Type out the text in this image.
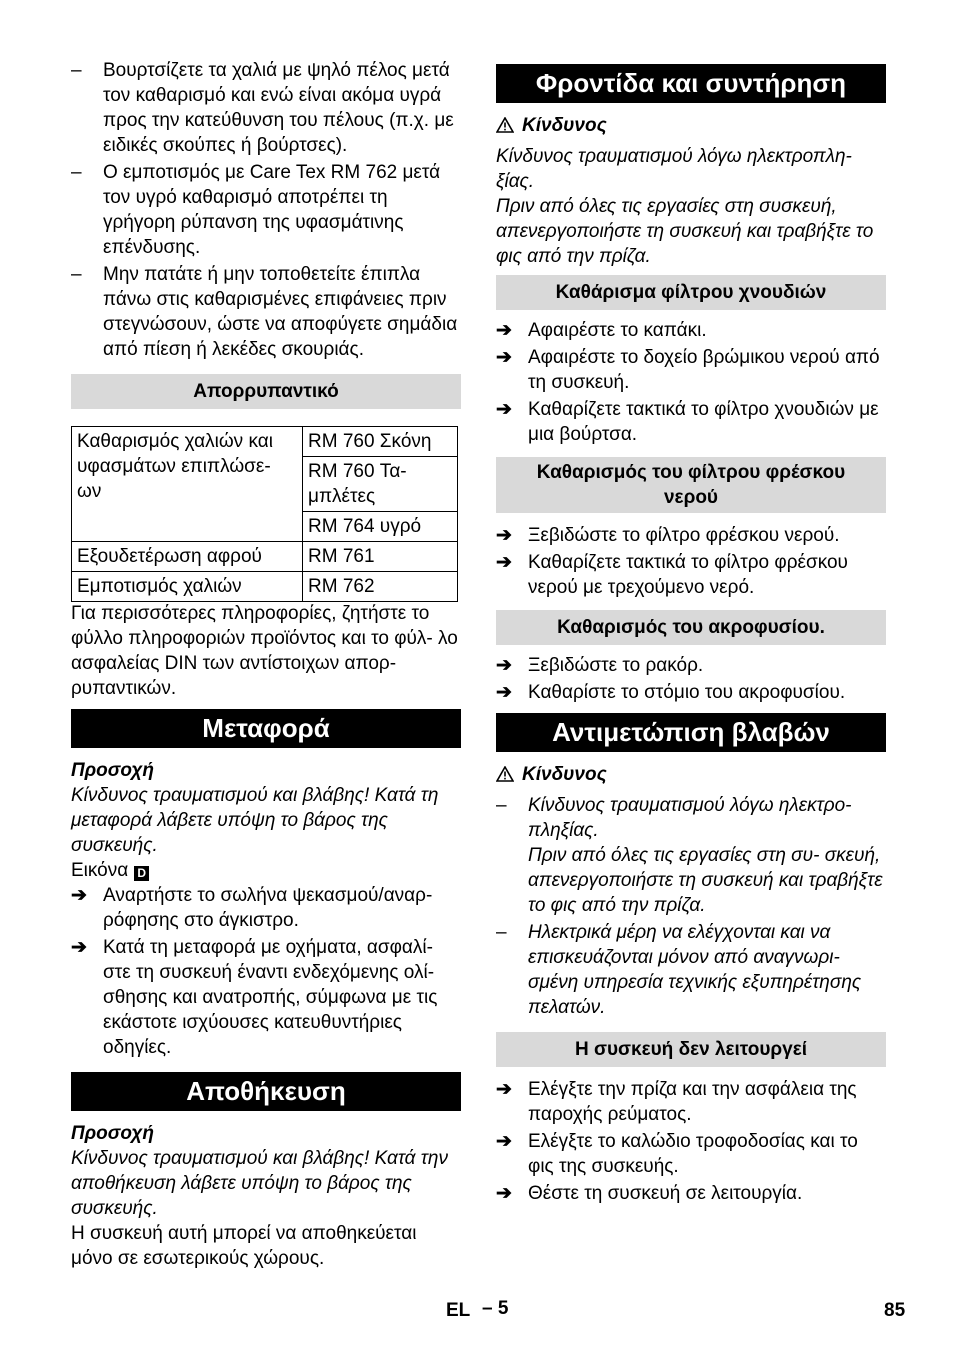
–	Βουρτσίζετε τα χαλιά με ψηλό πέλος μετά τον καθαρισμό και ενώ είναι ακόμα υγρά προς την κατεύθυνση του πέλους (π.χ. με ειδικές σκούπες ή βούρτσες).
–	Ο εμποτισμός με Care Tex RM 762 μετά τον υγρό καθαρισμό αποτρέπει τη γρήγορη ρύπανση της υφασμάτινης επένδυσης.
–	Μην πατάτε ή μην τοποθετείτε έπιπλα πάνω στις καθαρισμένες επιφάνειες πριν στεγνώσουν, ώστε να αποφύγετε σημάδια από πίεση ή λεκέδες σκουριάς.
Απορρυπαντικό
Καθαρισμός χαλιών και υφασμάτων επιπλώσε- ων	RM 760 Σκόνη
	RM 760 Τα- μπλέτες
	RM 764 υγρό
Εξουδετέρωση αφρού	RM 761
Εμποτισμός χαλιών	RM 762
Για περισσότερες πληροφορίες, ζητήστε το φύλλο πληροφοριών προϊόντος και το φύλ- λο ασφαλείας DIN των αντίστοιχων απορ- ρυπαντικών.
Μεταφορά
Προσοχή
Κίνδυνος τραυματισμού και βλάβης! Κατά τη μεταφορά λάβετε υπόψη το βάρος της συσκευής.
Εικόνα D
➔ Αναρτήστε το σωλήνα ψεκασμού/αναρ- ρόφησης στο άγκιστρο.
➔ Κατά τη μεταφορά με οχήματα, ασφαλί- στε τη συσκευή έναντι ενδεχόμενης ολί- σθησης και ανατροπής, σύμφωνα με τις εκάστοτε ισχύουσες κατευθυντήριες οδηγίες.
Αποθήκευση
Προσοχή
Κίνδυνος τραυματισμού και βλάβης! Κατά την αποθήκευση λάβετε υπόψη το βάρος της συσκευής.
Η συσκευή αυτή μπορεί να αποθηκεύεται μόνο σε εσωτερικούς χώρους.
Φροντίδα και συντήρηση
Κίνδυνος
Κίνδυνος τραυματισμού λόγω ηλεκτροπλη- ξίας.
Πριν από όλες τις εργασίες στη συσκευή, απενεργοποιήστε τη συσκευή και τραβήξτε το φις από την πρίζα.
Καθάρισμα φίλτρου χνουδιών
➔ Αφαιρέστε το καπάκι.
➔ Αφαιρέστε το δοχείο βρώμικου νερού από τη συσκευή.
➔ Καθαρίζετε τακτικά το φίλτρο χνουδιών με μια βούρτσα.
Καθαρισμός του φίλτρου φρέσκου νερού
➔ Ξεβιδώστε το φίλτρο φρέσκου νερού.
➔ Καθαρίζετε τακτικά το φίλτρο φρέσκου νερού με τρεχούμενο νερό.
Καθαρισμός του ακροφυσίου.
➔ Ξεβιδώστε το ρακόρ.
➔ Καθαρίστε το στόμιο του ακροφυσίου.
Αντιμετώπιση βλαβών
Κίνδυνος
–	Κίνδυνος τραυματισμού λόγω ηλεκτρο- πληξίας.
Πριν από όλες τις εργασίες στη συ- σκευή, απενεργοποιήστε τη συσκευή και τραβήξτε το φις από την πρίζα.
–	Ηλεκτρικά μέρη να ελέγχονται και να επισκευάζονται μόνον από αναγνωρι- σμένη υπηρεσία τεχνικής εξυπηρέτησης πελατών.
Η συσκευή δεν λειτουργεί
➔ Ελέγξτε την πρίζα και την ασφάλεια της παροχής ρεύματος.
➔ Ελέγξτε το καλώδιο τροφοδοσίας και το φις της συσκευής.
➔ Θέστε τη συσκευή σε λειτουργία.
EL – 5	85
